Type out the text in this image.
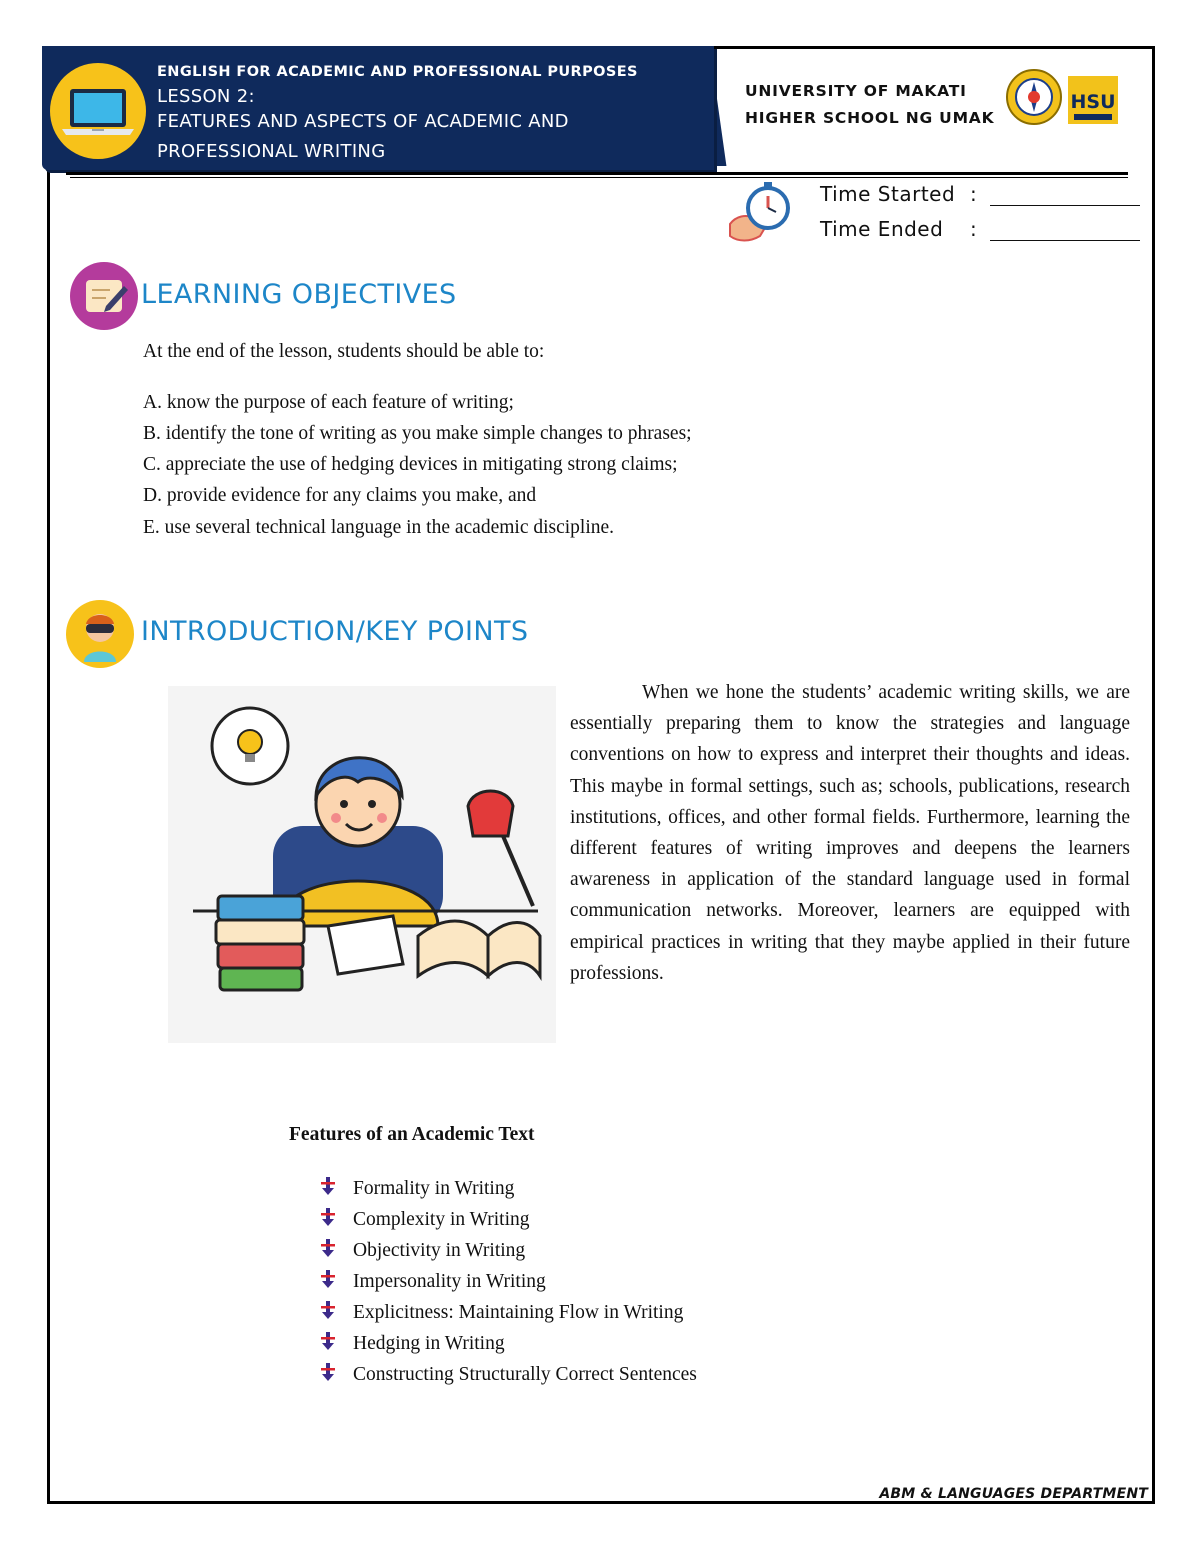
ENGLISH FOR ACADEMIC AND PROFESSIONAL PURPOSES
LESSON 2:
FEATURES AND ASPECTS OF ACADEMIC AND
PROFESSIONAL WRITING
UNIVERSITY OF MAKATI
HIGHER SCHOOL NG UMAK
HSU
Time Started :
Time Ended :
LEARNING OBJECTIVES
At the end of the lesson, students should be able to:
A. know the purpose of each feature of writing;
B. identify the tone of writing as you make simple changes to phrases;
C. appreciate the use of hedging devices in mitigating strong claims;
D. provide evidence for any claims you make, and
E. use several technical language in the academic discipline.
INTRODUCTION/KEY POINTS
When we hone the students’ academic writing skills, we are essentially preparing them to know the strategies and language conventions on how to express and interpret their thoughts and ideas. This maybe in formal settings, such as; schools, publications, research institutions, offices, and other formal fields. Furthermore, learning the different features of writing improves and deepens the learners awareness in application of the standard language used in formal communication networks. Moreover, learners are equipped with empirical practices in writing that they maybe applied in their future professions.
Features of an Academic Text
Formality in Writing
Complexity in Writing
Objectivity in Writing
Impersonality in Writing
Explicitness: Maintaining Flow in Writing
Hedging in Writing
Constructing Structurally Correct Sentences
ABM & LANGUAGES DEPARTMENT
